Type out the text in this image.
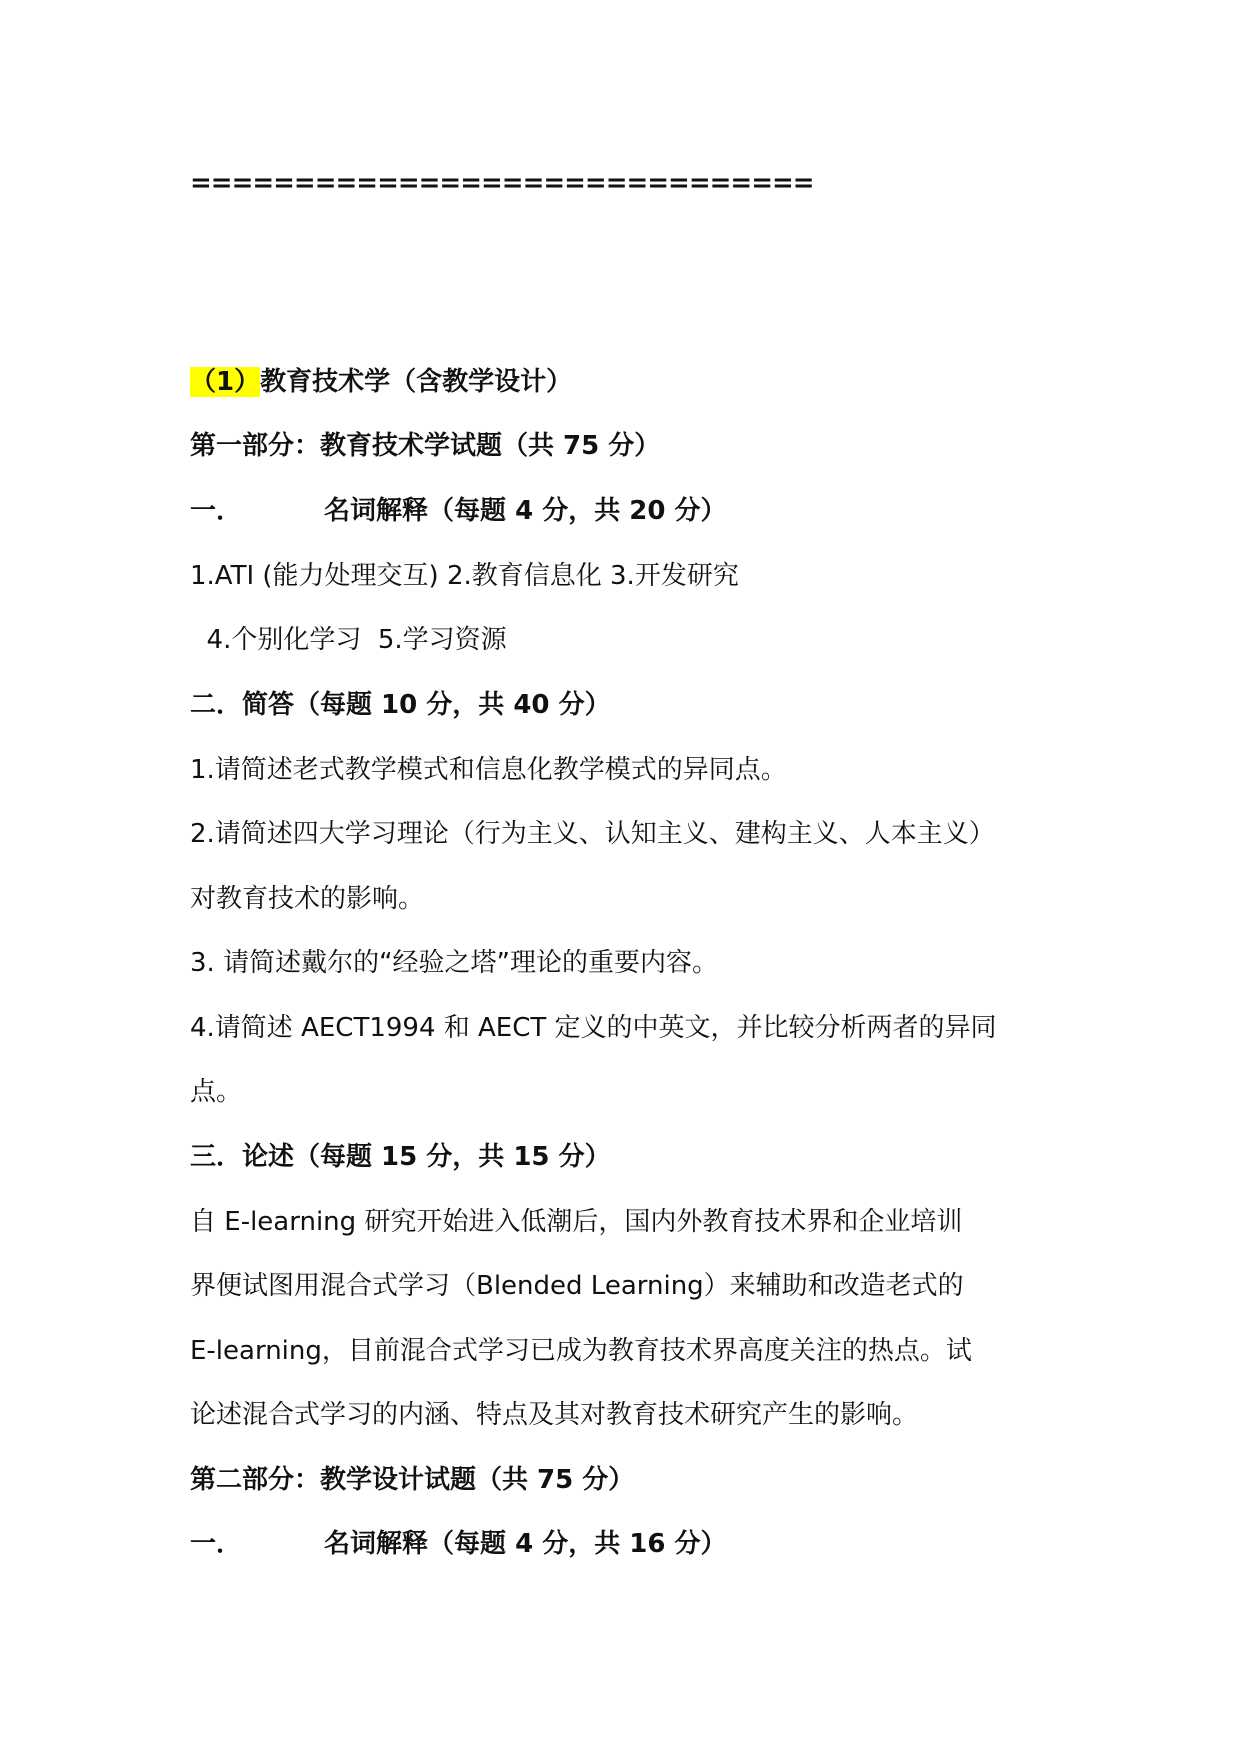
==============================
（1）教育技术学（含教学设计）
第一部分：教育技术学试题（共 75 分）
一．	名词解释（每题 4 分，共 20 分）
1.ATI (能力处理交互) 2.教育信息化 3.开发研究
4.个别化学习  5.学习资源
二．简答（每题 10 分，共 40 分）
1.请简述老式教学模式和信息化教学模式的异同点。
2.请简述四大学习理论（行为主义、认知主义、建构主义、人本主义）
对教育技术的影响。
3. 请简述戴尔的“经验之塔”理论的重要内容。
4.请简述 AECT1994 和 AECT 定义的中英文，并比较分析两者的异同
点。
三．论述（每题 15 分，共 15 分）
自 E-learning 研究开始进入低潮后，国内外教育技术界和企业培训
界便试图用混合式学习（Blended Learning）来辅助和改造老式的
E-learning，目前混合式学习已成为教育技术界高度关注的热点。试
论述混合式学习的内涵、特点及其对教育技术研究产生的影响。
第二部分：教学设计试题（共 75 分）
一．	名词解释（每题 4 分，共 16 分）
